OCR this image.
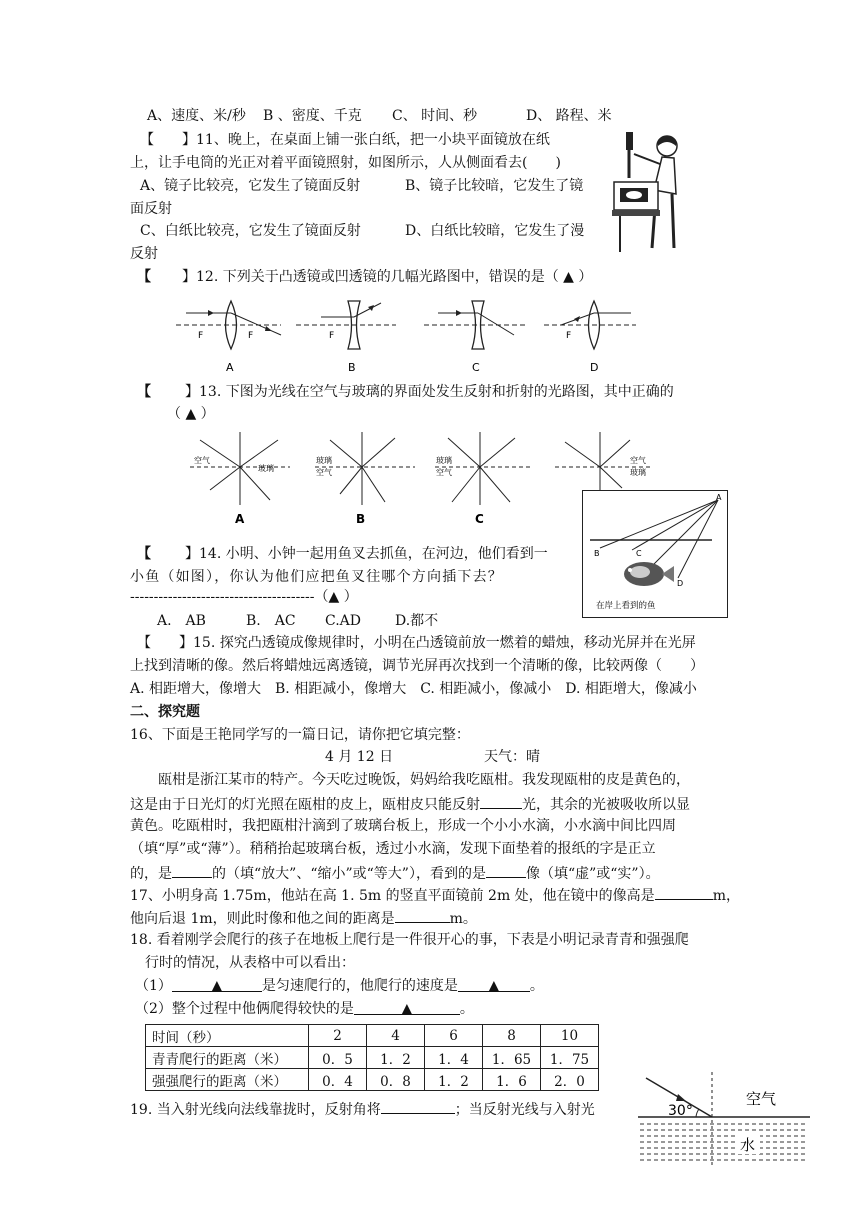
A、速度、米/秒 B 、密度、千克 C、 时间、秒	D、 路程、米
【　　】11、晚上，在桌面上铺一张白纸，把一小块平面镜放在纸
上，让手电筒的光正对着平面镜照射，如图所示，人从侧面看去(　　)
A、镜子比较亮，它发生了镜面反射	B、镜子比较暗，它发生了镜
面反射
C、白纸比较亮，它发生了镜面反射	D、白纸比较暗，它发生了漫
反射
【 】12. 下列关于凸透镜或凹透镜的几幅光路图中，错误的是（ ▲ ）
F	F
A
F
B	C
F
D
【 】13. 下图为光线在空气与玻璃的界面处发生反射和折射的光路图，其中正确的
（ ▲ ）
空气
玻璃
A
玻璃
空气
B
玻璃
空气
C
空气
玻璃
A
B	C
D
在岸上看到的鱼
【 】14. 小明、小钟一起用鱼叉去抓鱼，在河边，他们看到一
小鱼（如图），你认为他们应把鱼叉往哪个方向插下去？
---------------------------------------（▲ ）
A.　AB	B.　AC C.AD D.都不
【　　】15. 探究凸透镜成像规律时，小明在凸透镜前放一燃着的蜡烛，移动光屏并在光屏
上找到清晰的像。然后将蜡烛远离透镜，调节光屏再次找到一个清晰的像，比较两像（　　）
A. 相距增大，像增大　B. 相距减小，像增大　C. 相距减小，像减小　D. 相距增大，像减小
二、探究题
16、下面是王艳同学写的一篇日记，请你把它填完整：
4 月 12 日	天气：晴
瓯柑是浙江某市的特产。今天吃过晚饭，妈妈给我吃瓯柑。我发现瓯柑的皮是黄色的，
这是由于日光灯的灯光照在瓯柑的皮上，瓯柑皮只能反射	光，其余的光被吸收所以显
黄色。吃瓯柑时，我把瓯柑汁滴到了玻璃台板上，形成一个小小水滴，小水滴中间比四周
（填“厚”或“薄”）。稍稍抬起玻璃台板，透过小水滴，发现下面垫着的报纸的字是正立
的，是	的（填“放大”、“缩小”或“等大”），看到的是	像（填“虚”或“实”）。
17、小明身高 1.75m，他站在高 1. 5m 的竖直平面镜前 2m 处，他在镜中的像高是	m，
他向后退 1m，则此时像和他之间的距离是	m。
18. 看着刚学会爬行的孩子在地板上爬行是一件很开心的事，下表是小明记录青青和强强爬
行时的情况，从表格中可以看出：
（1）	▲	是匀速爬行的，他爬行的速度是 ▲ 。
（2）整个过程中他俩爬得较快的是	▲	。
时间（秒）	2	4	6	8	10
青青爬行的距离（米）	0．5	1．2	1．4	1．65	1．75
强强爬行的距离（米）	0．4	0．8	1．2	1．6	2．0
19. 当入射光线向法线靠拢时，反射角将	；当反射光线与入射光	30°
空气
水
